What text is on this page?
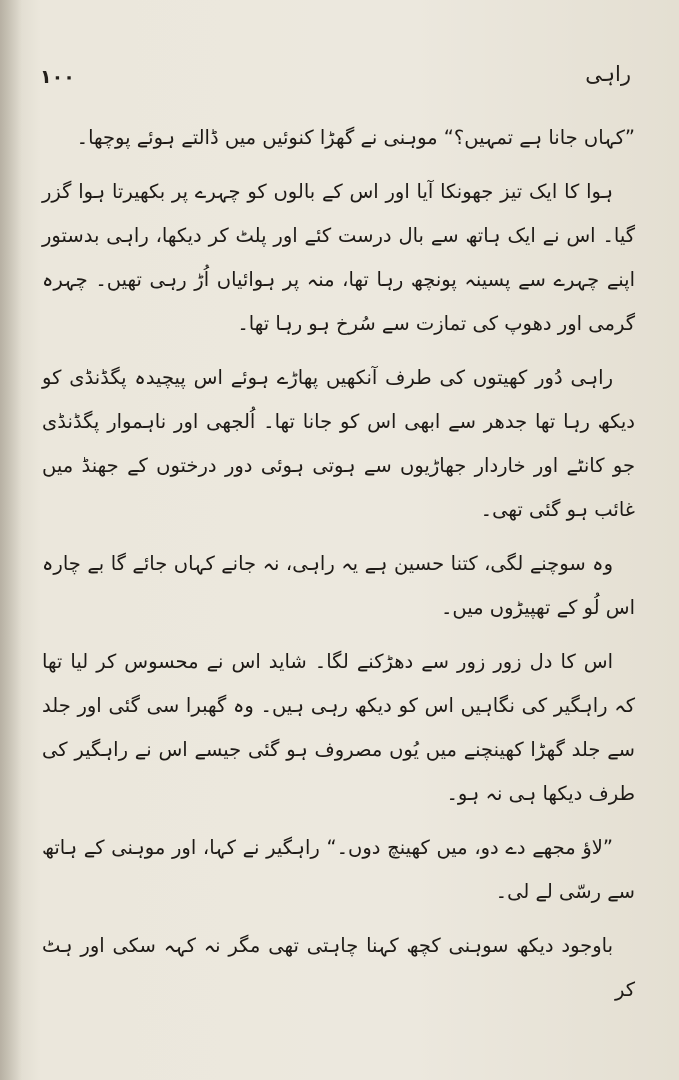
۱۰۰	راہی

”کہاں جانا ہے تمہیں؟“ موہنی نے گھڑا کنوئیں میں ڈالتے ہوئے پوچھا۔

ہوا کا ایک تیز جھونکا آیا اور اس کے بالوں کو چہرے پر بکھیرتا ہوا گزر گیا۔ اس نے ایک ہاتھ سے بال درست کئے اور پلٹ کر دیکھا، راہی بدستور اپنے چہرے سے پسینہ پونچھ رہا تھا، منہ پر ہوائیاں اُڑ رہی تھیں۔ چہرہ گرمی اور دھوپ کی تمازت سے سُرخ ہو رہا تھا۔

راہی دُور کھیتوں کی طرف آنکھیں پھاڑے ہوئے اس پیچیدہ پگڈنڈی کو دیکھ رہا تھا جدھر سے ابھی اس کو جانا تھا۔ اُلجھی اور ناہموار پگڈنڈی جو کانٹے اور خاردار جھاڑیوں سے ہوتی ہوئی دور درختوں کے جھنڈ میں غائب ہو گئی تھی۔

وہ سوچنے لگی، کتنا حسین ہے یہ راہی، نہ جانے کہاں جائے گا بے چارہ اس لُو کے تھپیڑوں میں۔

اس کا دل زور زور سے دھڑکنے لگا۔ شاید اس نے محسوس کر لیا تھا کہ راہگیر کی نگاہیں اس کو دیکھ رہی ہیں۔ وہ گھبرا سی گئی اور جلد سے جلد گھڑا کھینچنے میں یُوں مصروف ہو گئی جیسے اس نے راہگیر کی طرف دیکھا ہی نہ ہو۔

”لاؤ مجھے دے دو، میں کھینچ دوں۔“ راہگیر نے کہا، اور موہنی کے ہاتھ سے رسّی لے لی۔

باوجود دیکھ سوہنی کچھ کہنا چاہتی تھی مگر نہ کہہ سکی اور ہٹ کر
